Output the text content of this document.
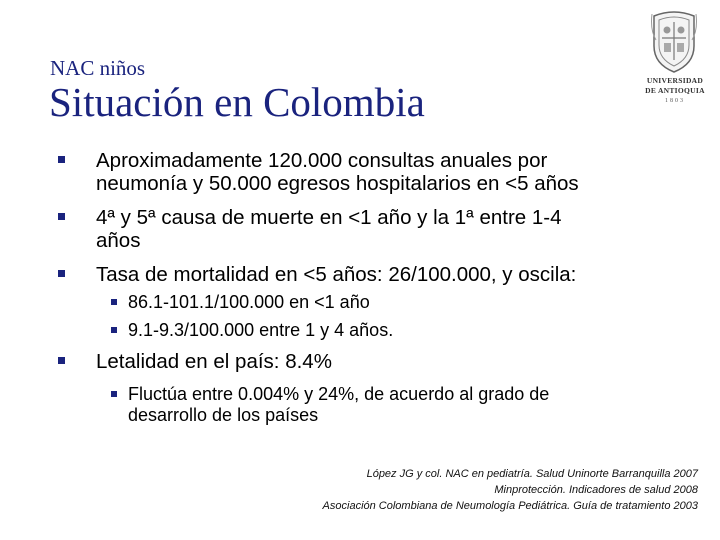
NAC niños
Situación en Colombia	UNIVERSIDAD
DE ANTIOQUIA
1803
Aproximadamente 120.000 consultas anuales por
neumonía y 50.000 egresos hospitalarios en <5 años
4ª y 5ª causa de muerte en <1 año y la 1ª entre 1-4
años
Tasa de mortalidad en <5 años: 26/100.000, y oscila:
86.1-101.1/100.000 en <1 año
9.1-9.3/100.000 entre 1 y 4 años.
Letalidad en el país: 8.4%
Fluctúa entre 0.004% y 24%, de acuerdo al grado de
desarrollo de los países
López JG y col. NAC en pediatría. Salud Uninorte Barranquilla 2007
Minprotección. Indicadores de salud 2008
Asociación Colombiana de Neumología Pediátrica. Guía de tratamiento 2003
